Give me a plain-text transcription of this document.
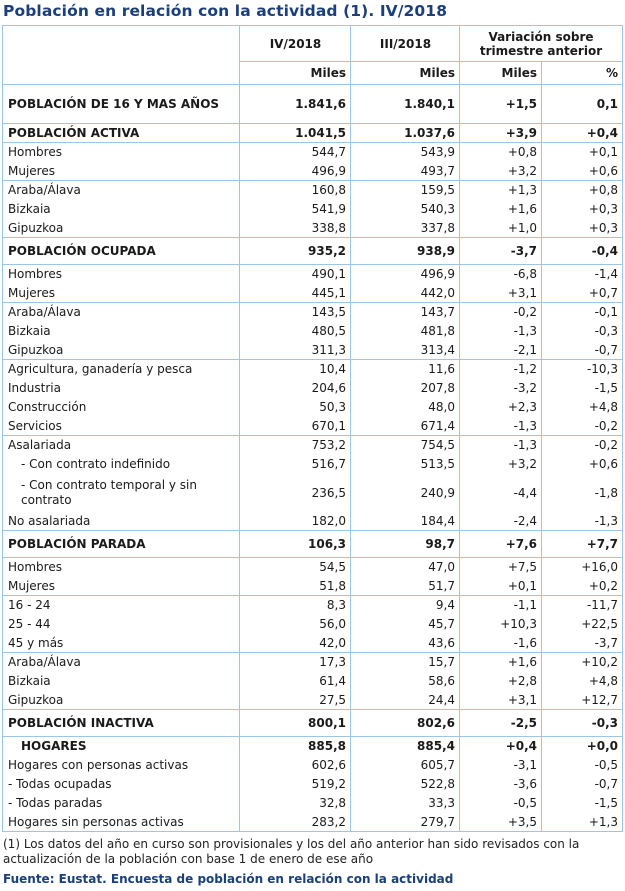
Población en relación con la actividad (1). IV/2018
	IV/2018	III/2018	Variación sobre trimestre anterior	
	Miles	Miles	Miles	%
POBLACIÓN DE 16 Y MAS AÑOS	1.841,6	1.840,1	+1,5	0,1
POBLACIÓN ACTIVA	1.041,5	1.037,6	+3,9	+0,4
Hombres	544,7	543,9	+0,8	+0,1
Mujeres	496,9	493,7	+3,2	+0,6
Araba/Álava	160,8	159,5	+1,3	+0,8
Bizkaia	541,9	540,3	+1,6	+0,3
Gipuzkoa	338,8	337,8	+1,0	+0,3
POBLACIÓN OCUPADA	935,2	938,9	-3,7	-0,4
Hombres	490,1	496,9	-6,8	-1,4
Mujeres	445,1	442,0	+3,1	+0,7
Araba/Álava	143,5	143,7	-0,2	-0,1
Bizkaia	480,5	481,8	-1,3	-0,3
Gipuzkoa	311,3	313,4	-2,1	-0,7
Agricultura, ganadería y pesca	10,4	11,6	-1,2	-10,3
Industria	204,6	207,8	-3,2	-1,5
Construcción	50,3	48,0	+2,3	+4,8
Servicios	670,1	671,4	-1,3	-0,2
Asalariada	753,2	754,5	-1,3	-0,2
- Con contrato indefinido	516,7	513,5	+3,2	+0,6
- Con contrato temporal y sin contrato	236,5	240,9	-4,4	-1,8
No asalariada	182,0	184,4	-2,4	-1,3
POBLACIÓN PARADA	106,3	98,7	+7,6	+7,7
Hombres	54,5	47,0	+7,5	+16,0
Mujeres	51,8	51,7	+0,1	+0,2
16 - 24	8,3	9,4	-1,1	-11,7
25 - 44	56,0	45,7	+10,3	+22,5
45 y más	42,0	43,6	-1,6	-3,7
Araba/Álava	17,3	15,7	+1,6	+10,2
Bizkaia	61,4	58,6	+2,8	+4,8
Gipuzkoa	27,5	24,4	+3,1	+12,7
POBLACIÓN INACTIVA	800,1	802,6	-2,5	-0,3
HOGARES	885,8	885,4	+0,4	+0,0
Hogares con personas activas	602,6	605,7	-3,1	-0,5
- Todas ocupadas	519,2	522,8	-3,6	-0,7
- Todas paradas	32,8	33,3	-0,5	-1,5
Hogares sin personas activas	283,2	279,7	+3,5	+1,3
(1) Los datos del año en curso son provisionales y los del año anterior han sido revisados con la actualización de la población con base 1 de enero de ese año
Fuente: Eustat. Encuesta de población en relación con la actividad
